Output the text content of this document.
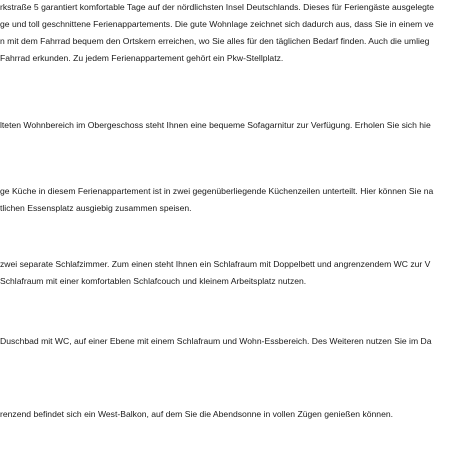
rkstraße 5 garantiert komfortable Tage auf der nördlichsten Insel Deutschlands. Dieses für Feriengäste ausgelegte
ge und toll geschnittene Ferienappartements. Die gute Wohnlage zeichnet sich dadurch aus, dass Sie in einem ve
n mit dem Fahrrad bequem den Ortskern erreichen, wo Sie alles für den täglichen Bedarf finden. Auch die umlieg
Fahrrad erkunden. Zu jedem Ferienappartement gehört ein Pkw-Stellplatz.
lteten Wohnbereich im Obergeschoss steht Ihnen eine bequeme Sofagarnitur zur Verfügung. Erholen Sie sich hie
ge Küche in diesem Ferienappartement ist in zwei gegenüberliegende Küchenzeilen unterteilt. Hier können Sie na
tlichen Essensplatz ausgiebig zusammen speisen.
zwei separate Schlafzimmer. Zum einen steht Ihnen ein Schlafraum mit Doppelbett und angrenzendem WC zur V
Schlafraum mit einer komfortablen Schlafcouch und kleinem Arbeitsplatz nutzen.
Duschbad mit WC, auf einer Ebene mit einem Schlafraum und Wohn-Essbereich. Des Weiteren nutzen Sie im Da
renzend befindet sich ein West-Balkon, auf dem Sie die Abendsonne in vollen Zügen genießen können.
